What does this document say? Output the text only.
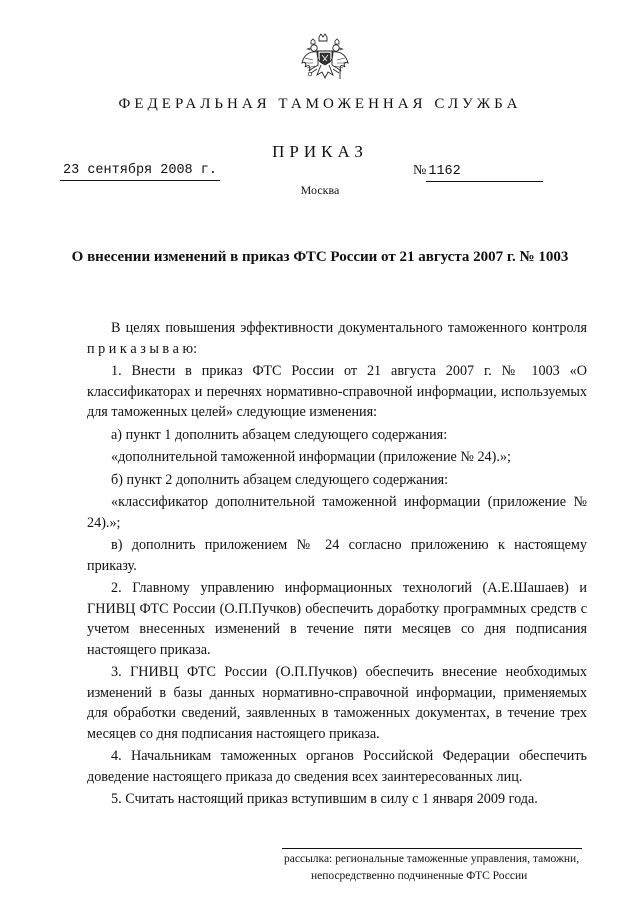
ФЕДЕРАЛЬНАЯ ТАМОЖЕННАЯ СЛУЖБА
ПРИКАЗ
23 сентября 2008 г.	№ 1162
Москва
О внесении изменений в приказ ФТС России от 21 августа 2007 г. № 1003

В целях повышения эффективности документального таможенного контроля п р и к а з ы в а ю:

1. Внести в приказ ФТС России от 21 августа 2007 г. № 1003 «О классификаторах и перечнях нормативно-справочной информации, используемых для таможенных целей» следующие изменения:

а) пункт 1 дополнить абзацем следующего содержания:

«дополнительной таможенной информации (приложение № 24).»;

б) пункт 2 дополнить абзацем следующего содержания:

«классификатор дополнительной таможенной информации (приложение № 24).»;

в) дополнить приложением № 24 согласно приложению к настоящему приказу.

2. Главному управлению информационных технологий (А.Е.Шашаев) и ГНИВЦ ФТС России (О.П.Пучков) обеспечить доработку программных средств с учетом внесенных изменений в течение пяти месяцев со дня подписания настоящего приказа.

3. ГНИВЦ ФТС России (О.П.Пучков) обеспечить внесение необходимых изменений в базы данных нормативно-справочной информации, применяемых для обработки сведений, заявленных в таможенных документах, в течение трех месяцев со дня подписания настоящего приказа.

4. Начальникам таможенных органов Российской Федерации обеспечить доведение настоящего приказа до сведения всех заинтересованных лиц.

5. Считать настоящий приказ вступившим в силу с 1 января 2009 года.

рассылка: региональные таможенные управления, таможни,
непосредственно подчиненные ФТС России
